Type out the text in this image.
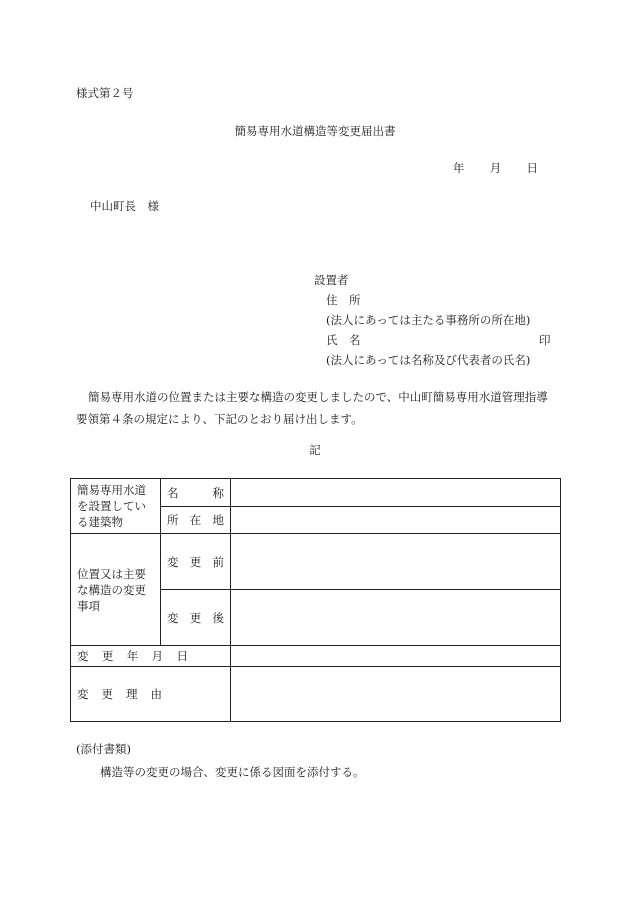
様式第２号
簡易専用水道構造等変更届出書
年 月 日
中山町長　様
設置者
住　所
(法人にあっては主たる事務所の所在地)
氏　名	印
(法人にあっては名称及び代表者の氏名)
簡易専用水道の位置または主要な構造の変更しましたので、中山町簡易専用水道管理指導要領第４条の規定により、下記のとおり届け出します。
記
簡易専用水道を設置している建築物	名称	
	所在地	
位置又は主要な構造の変更事項	変更前	
	変更後	

変更年月日		

変更理由		

(添付書類)
構造等の変更の場合、変更に係る図面を添付する。
